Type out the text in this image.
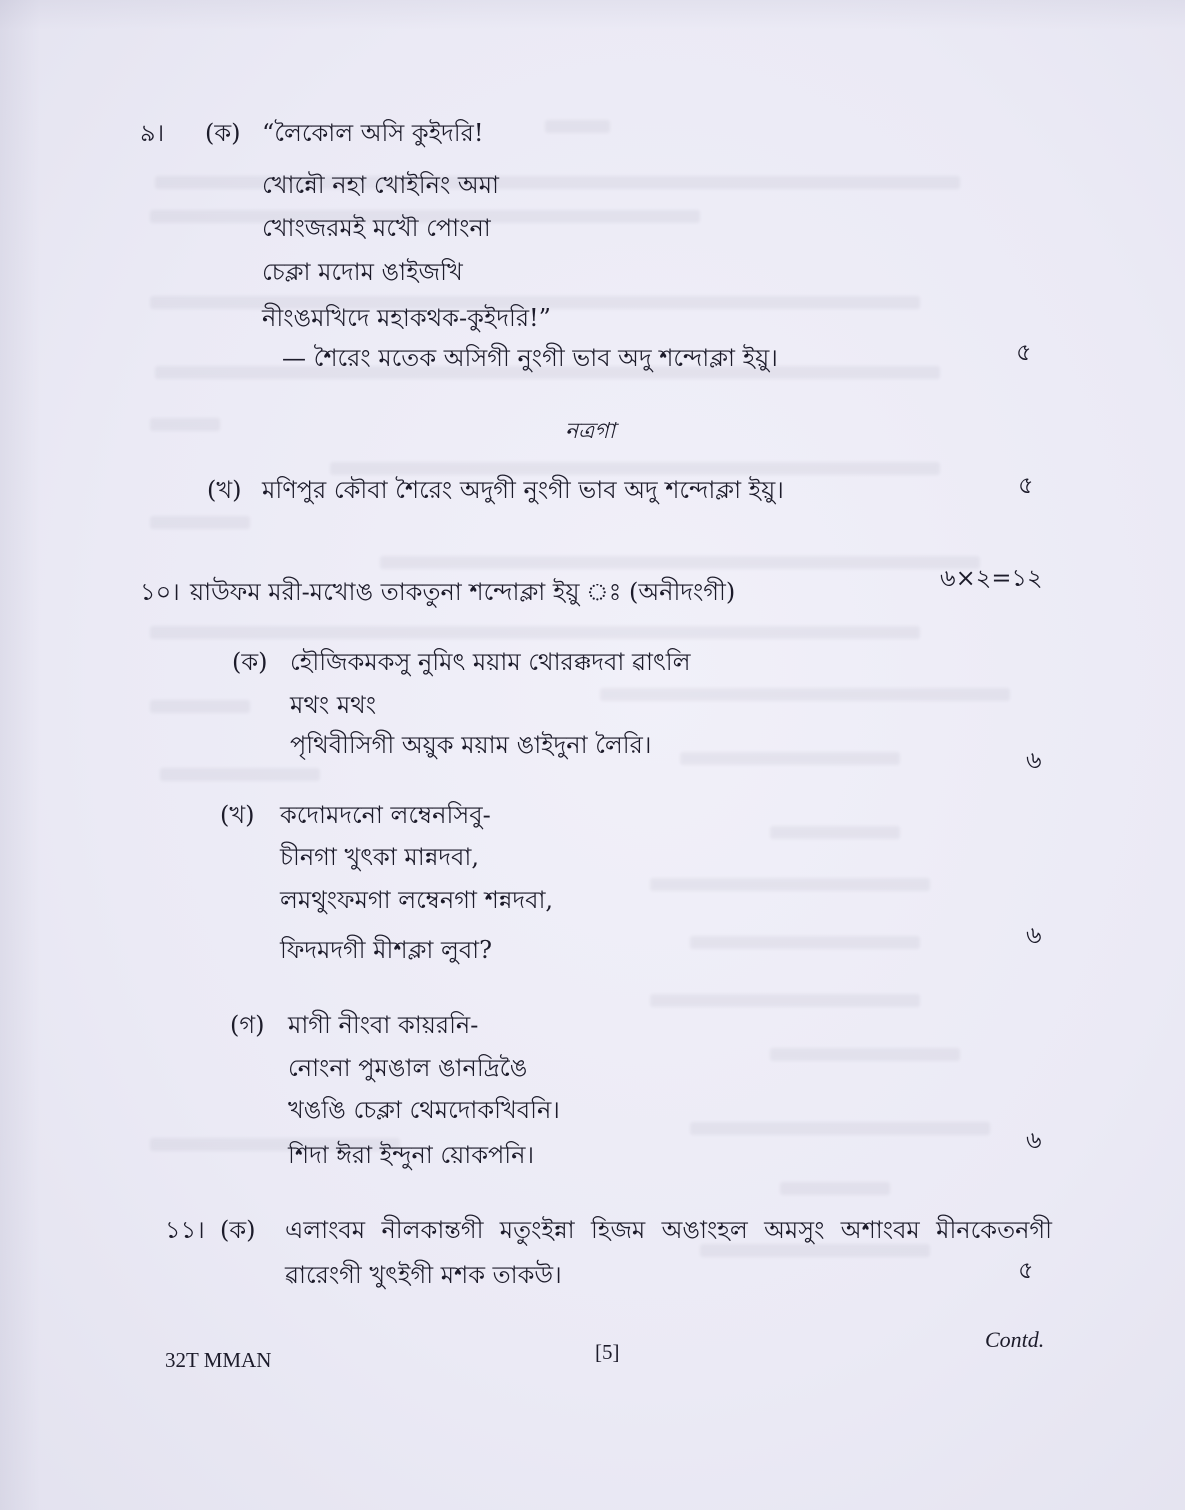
৯। (ক) “লৈকোল অসি কুইদরি!
খোন্নৌ নহা খোইনিং অমা
খোংজরমই মখৌ পোংনা
চেক্লা মদোম ঙাইজখি
নীংঙমখিদে মহাকথক-কুইদরি!”
— শৈরেং মতেক অসিগী নুংগী ভাব অদু শন্দোক্লা ইয়ু।	৫
নত্রগা
(খ) মণিপুর কৌবা শৈরেং অদুগী নুংগী ভাব অদু শন্দোক্লা ইয়ু।	৫
১০। য়াউফম মরী-মখোঙ তাকতুনা শন্দোক্লা ইয়ু ঃ (অনীদংগী)	৬×২=১২
(ক) হৌজিকমকসু নুমিৎ ময়াম থোরক্কদবা ৱাৎলি
মথং মথং
পৃথিবীসিগী অয়ুক ময়াম ঙাইদুনা লৈরি।
৬
(খ) কদোমদনো লম্বেনসিবু-
চীনগা খুৎকা মান্নদবা,
লমথুংফমগা লম্বেনগা শন্নদবা,
ফিদমদগী মীশক্লা লুবা?
৬
(গ) মাগী নীংবা কায়রনি-
নোংনা পুমঙাল ঙানদ্রিঙৈ
খঙঙি চেক্লা থেমদোকখিবনি।
শিদা ঈরা ইন্দুনা য়োকপনি।
৬
১১। (ক) এলাংবম নীলকান্তগী মতুংইন্না হিজম অঙাংহল অমসুং অশাংবম মীনকেতনগী
ৱারেংগী খুৎইগী মশক তাকউ।	৫
32T MMAN	[5]	Contd.
